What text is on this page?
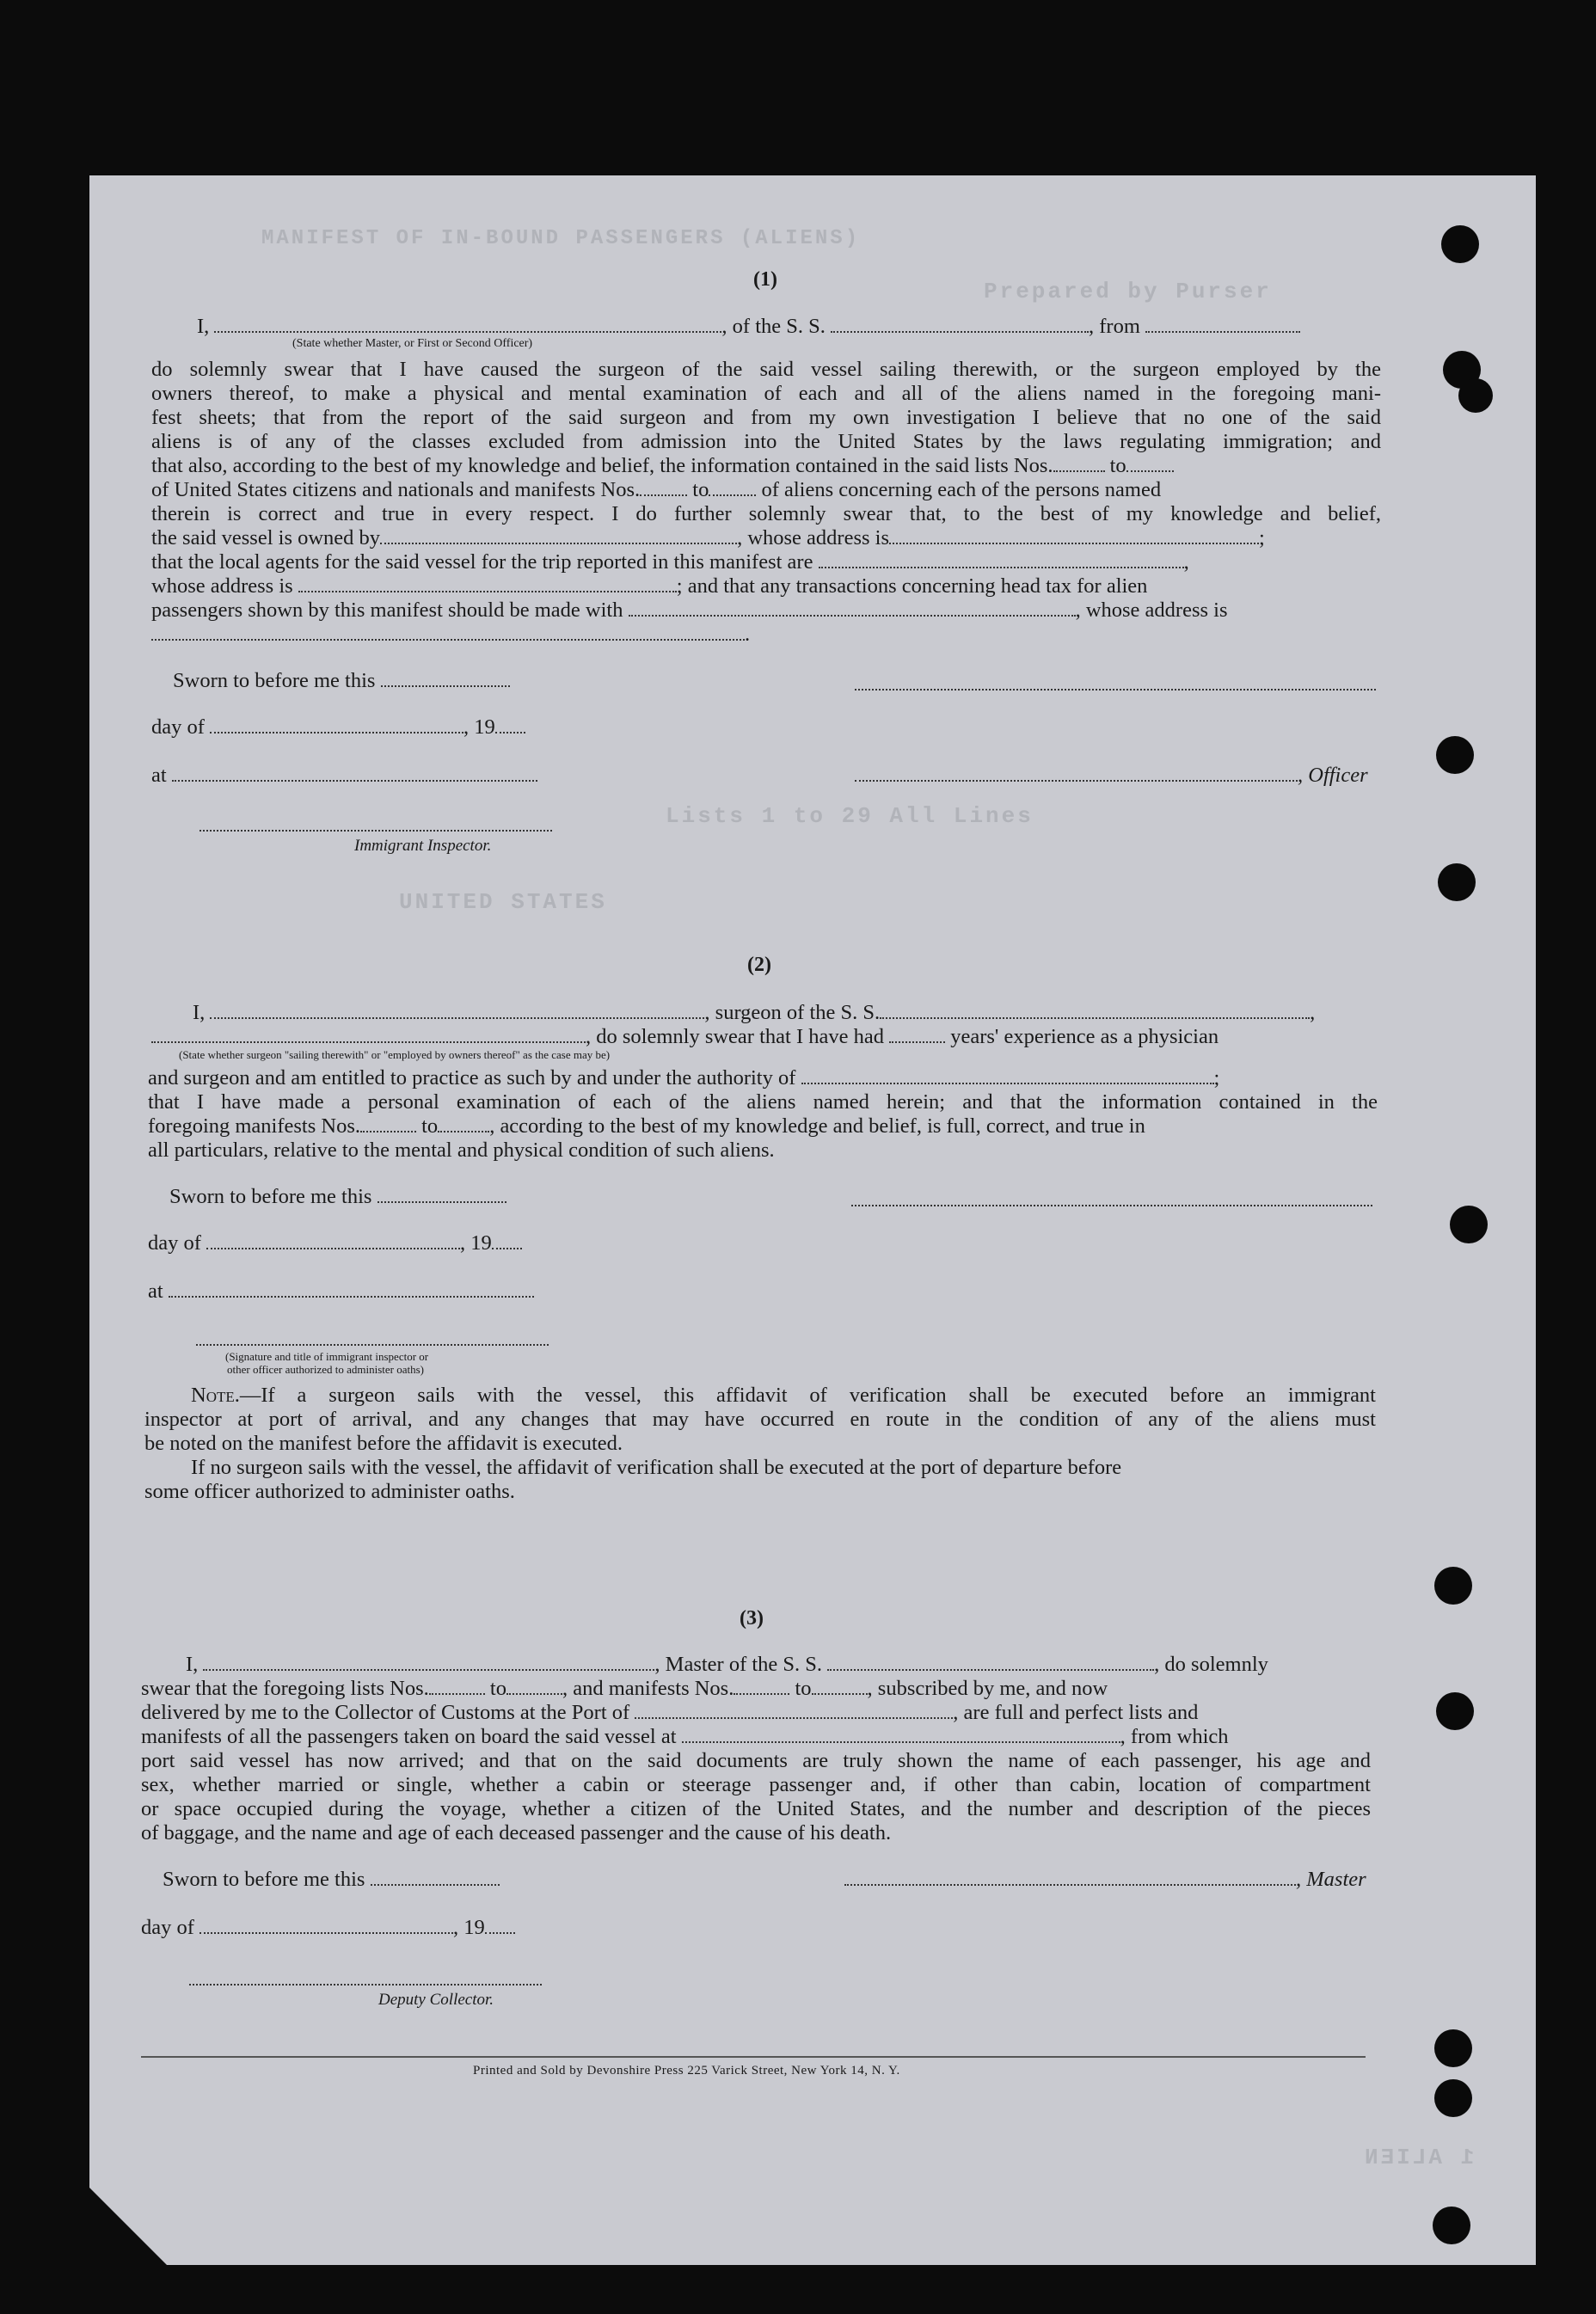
MANIFEST OF IN-BOUND PASSENGERS (ALIENS)
Prepared by Purser
Lists 1 to 29 All Lines
UNITED STATES
1 ALIEN
(1)
I,	, of the S. S.	, from
(State whether Master, or First or Second Officer)
do solemnly swear that I have caused the surgeon of the said vessel sailing therewith, or the surgeon employed by the
owners thereof, to make a physical and mental examination of each and all of the aliens named in the foregoing mani-
fest sheets; that from the report of the said surgeon and from my own investigation I believe that no one of the said
aliens is of any of the classes excluded from admission into the United States by the laws regulating immigration; and
that also, according to the best of my knowledge and belief, the information contained in the said lists Nos.	to
of United States citizens and nationals and manifests Nos. to of aliens concerning each of the persons named
therein is correct and true in every respect. I do further solemnly swear that, to the best of my knowledge and belief,
the said vessel is owned by	, whose address is	;
that the local agents for the said vessel for the trip reported in this manifest are	,
whose address is	; and that any transactions concerning head tax for alien
passengers shown by this manifest should be made with	, whose address is
.
Sworn to before me this
day of	, 19
at	, Officer
Immigrant Inspector.
(2)
I,	, surgeon of the S. S.	,
, do solemnly swear that I have had	years' experience as a physician
(State whether surgeon "sailing therewith" or "employed by owners thereof" as the case may be)
and surgeon and am entitled to practice as such by and under the authority of	;
that I have made a personal examination of each of the aliens named herein; and that the information contained in the
foregoing manifests Nos.	to , according to the best of my knowledge and belief, is full, correct, and true in
all particulars, relative to the mental and physical condition of such aliens.
Sworn to before me this
day of	, 19
at
(Signature and title of immigrant inspector or
other officer authorized to administer oaths)
Note.—If a surgeon sails with the vessel, this affidavit of verification shall be executed before an immigrant
inspector at port of arrival, and any changes that may have occurred en route in the condition of any of the aliens must
be noted on the manifest before the affidavit is executed.
If no surgeon sails with the vessel, the affidavit of verification shall be executed at the port of departure before
some officer authorized to administer oaths.
(3)
I,	, Master of the S. S.	, do solemnly
swear that the foregoing lists Nos.	to	, and manifests Nos.	to	, subscribed by me, and now
delivered by me to the Collector of Customs at the Port of	, are full and perfect lists and
manifests of all the passengers taken on board the said vessel at	, from which
port said vessel has now arrived; and that on the said documents are truly shown the name of each passenger, his age and
sex, whether married or single, whether a cabin or steerage passenger and, if other than cabin, location of compartment
or space occupied during the voyage, whether a citizen of the United States, and the number and description of the pieces
of baggage, and the name and age of each deceased passenger and the cause of his death.
Sworn to before me this	, Master
day of	, 19
Deputy Collector.
Printed and Sold by Devonshire Press 225 Varick Street, New York 14, N. Y.
